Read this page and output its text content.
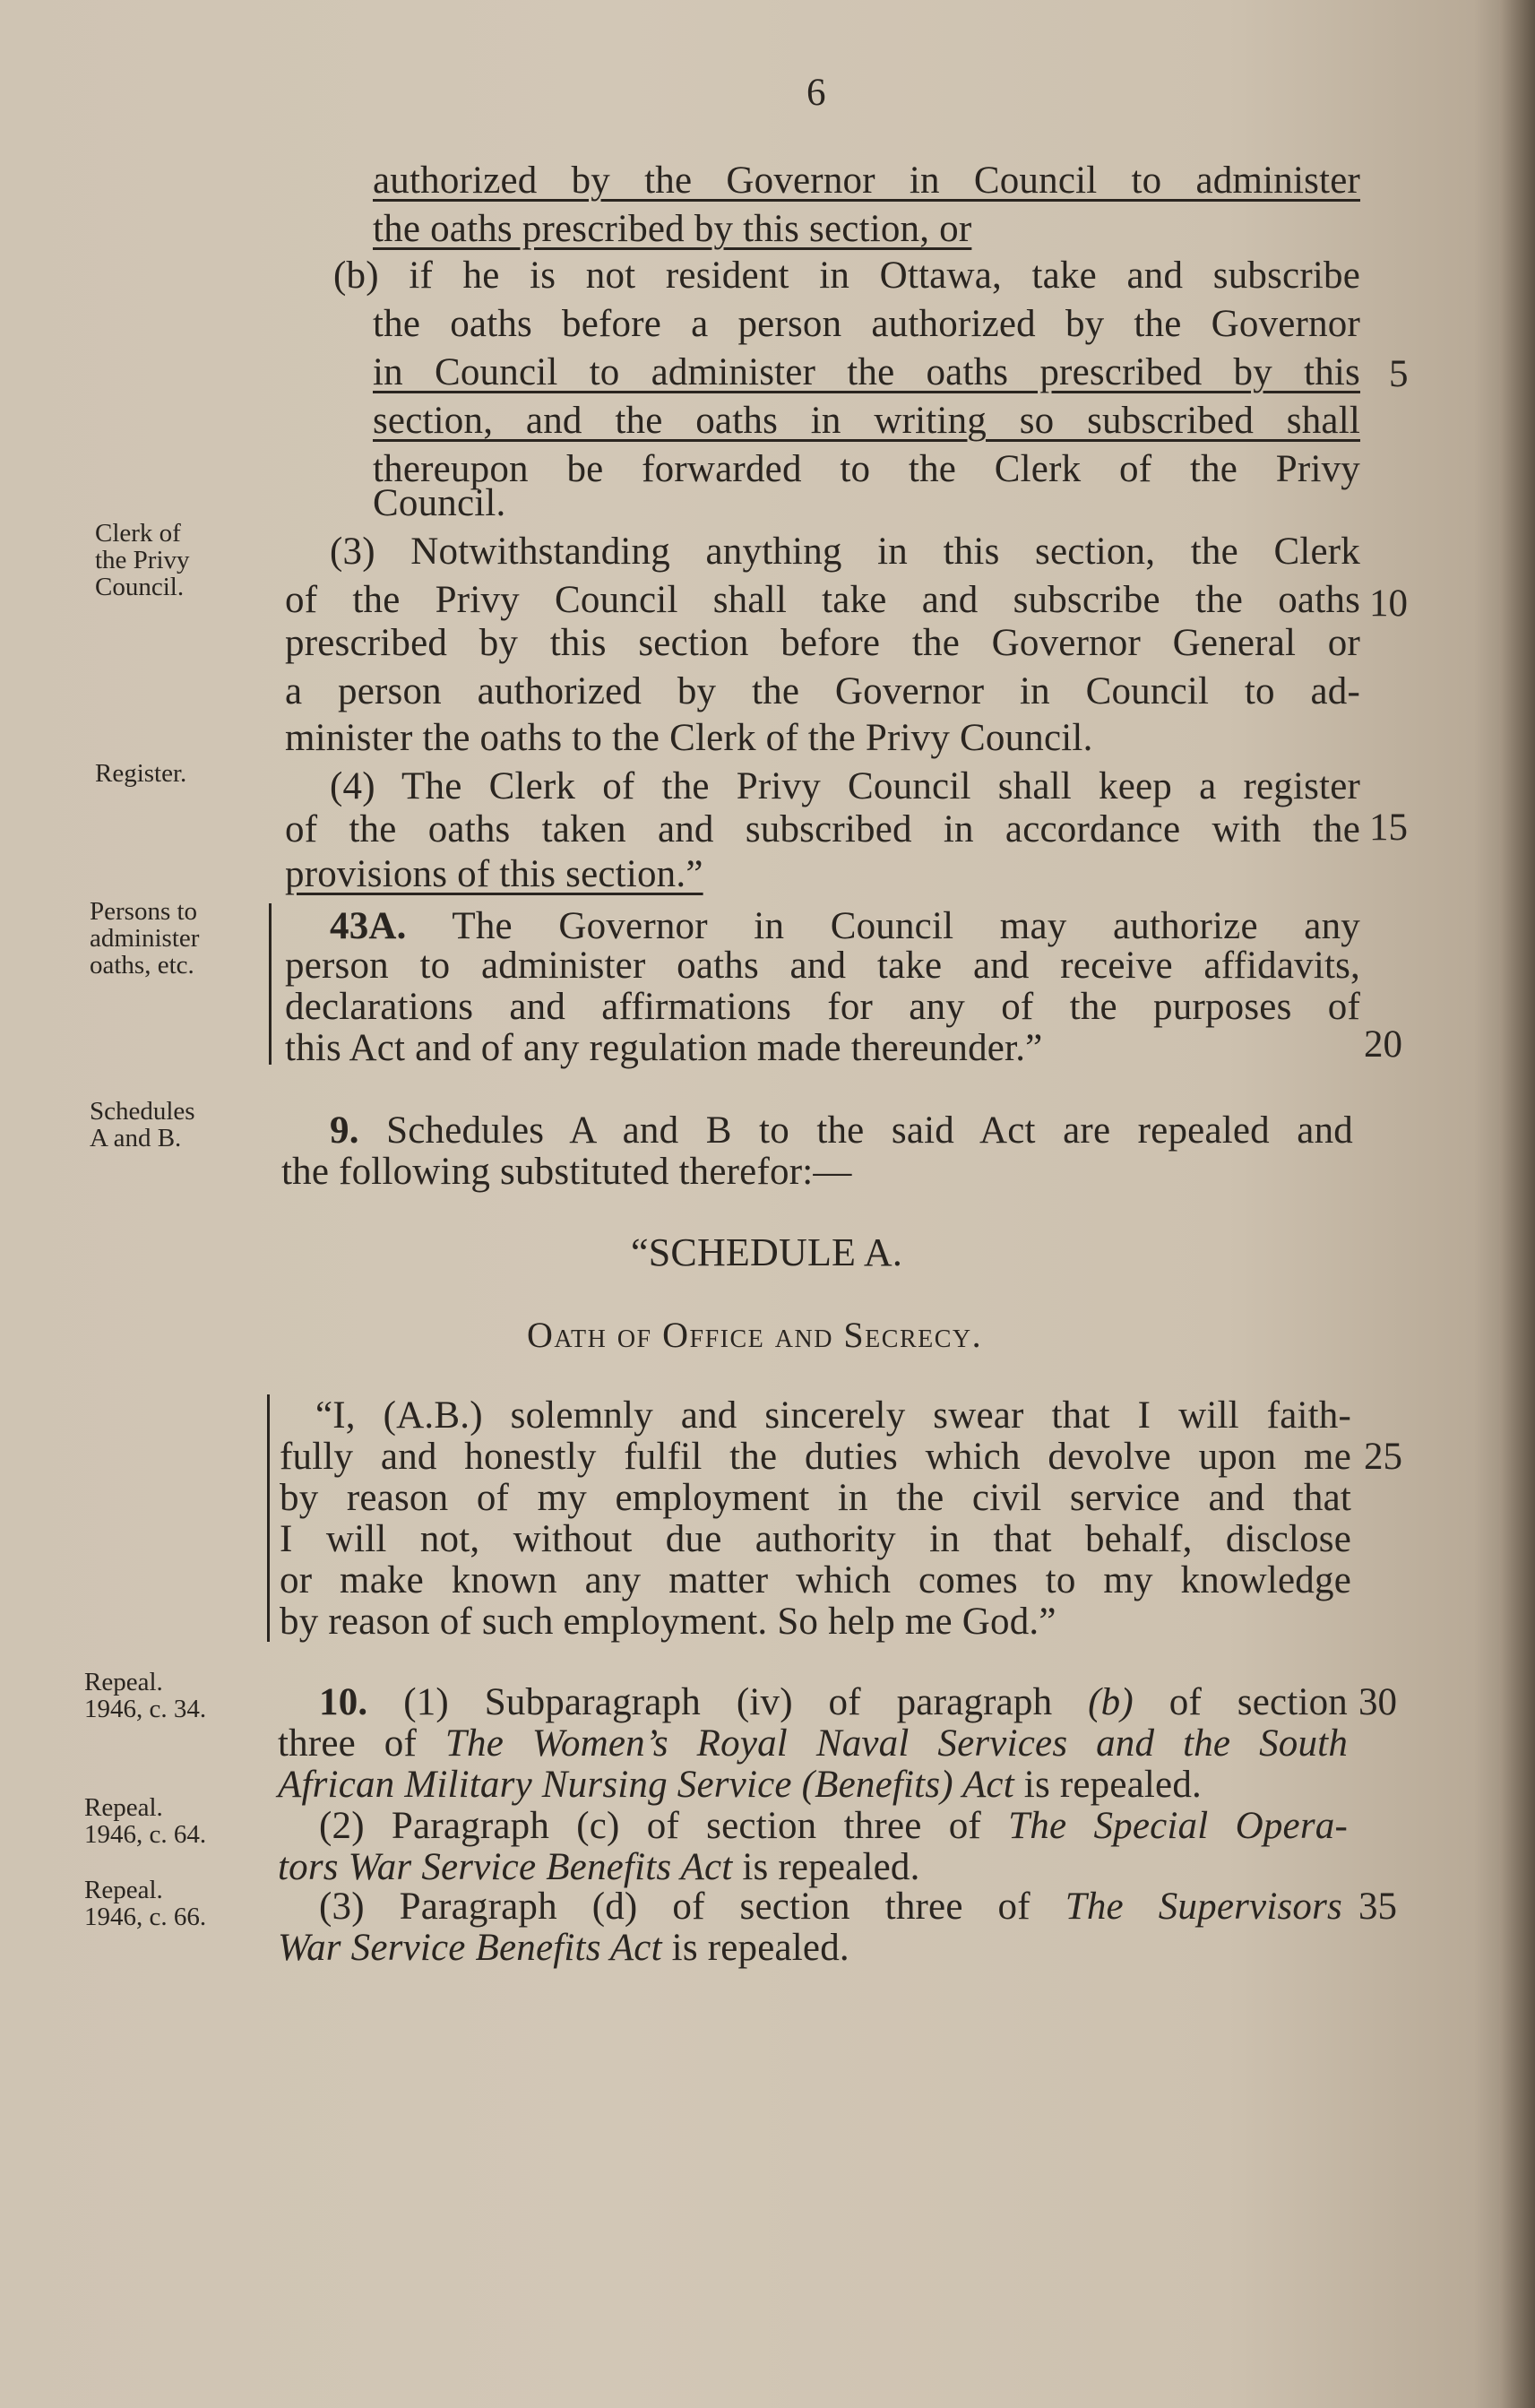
6
Clerk of
the Privy
Council.
Register.
Persons to
administer
oaths, etc.
Schedules
A and B.
Repeal.
1946, c. 34.
Repeal.
1946, c. 64.
Repeal.
1946, c. 66.
5
10
15
20
25
30
35
authorized by the Governor in Council to administer
the oaths prescribed by this section, or
(b) if he is not resident in Ottawa, take and subscribe
the oaths before a person authorized by the Governor
in Council to administer the oaths prescribed by this
section, and the oaths in writing so subscribed shall
thereupon be forwarded to the Clerk of the Privy
Council.
(3) Notwithstanding anything in this section, the Clerk
of the Privy Council shall take and subscribe the oaths
prescribed by this section before the Governor General or
a person authorized by the Governor in Council to ad-
minister the oaths to the Clerk of the Privy Council.
(4) The Clerk of the Privy Council shall keep a register
of the oaths taken and subscribed in accordance with the
provisions of this section.”
43A. The Governor in Council may authorize any
person to administer oaths and take and receive affidavits,
declarations and affirmations for any of the purposes of
this Act and of any regulation made thereunder.”
9. Schedules A and B to the said Act are repealed and
the following substituted therefor:—
“SCHEDULE A.
Oath of Office and Secrecy.
“I, (A.B.) solemnly and sincerely swear that I will faith-
fully and honestly fulfil the duties which devolve upon me
by reason of my employment in the civil service and that
I will not, without due authority in that behalf, disclose
or make known any matter which comes to my knowledge
by reason of such employment. So help me God.”
10. (1) Subparagraph (iv) of paragraph (b) of section
three of The Women’s Royal Naval Services and the South
African Military Nursing Service (Benefits) Act is repealed.
(2) Paragraph (c) of section three of The Special Opera-
tors War Service Benefits Act is repealed.
(3) Paragraph (d) of section three of The Supervisors
War Service Benefits Act is repealed.
